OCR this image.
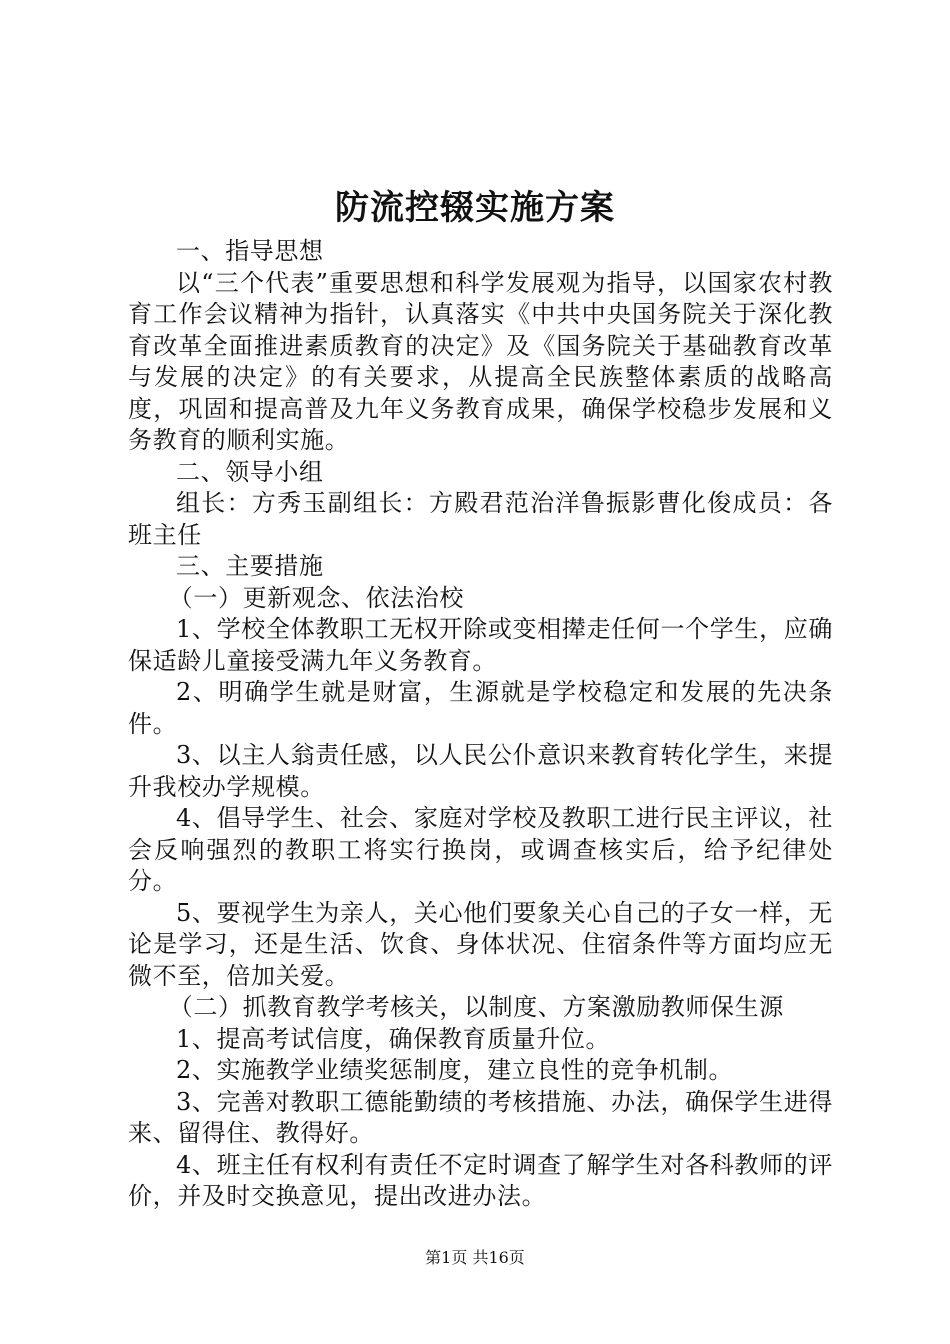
防流控辍实施方案

一、指导思想

以“三个代表”重要思想和科学发展观为指导，以国家农村教育工作会议精神为指针，认真落实《中共中央国务院关于深化教育改革全面推进素质教育的决定》及《国务院关于基础教育改革与发展的决定》的有关要求，从提高全民族整体素质的战略高度，巩固和提高普及九年义务教育成果，确保学校稳步发展和义务教育的顺利实施。

二、领导小组

组长：方秀玉副组长：方殿君范治洋鲁振影曹化俊成员：各班主任

三、主要措施

（一）更新观念、依法治校

1、学校全体教职工无权开除或变相撵走任何一个学生，应确保适龄儿童接受满九年义务教育。

2、明确学生就是财富，生源就是学校稳定和发展的先决条件。

3、以主人翁责任感，以人民公仆意识来教育转化学生，来提升我校办学规模。

4、倡导学生、社会、家庭对学校及教职工进行民主评议，社会反响强烈的教职工将实行换岗，或调查核实后，给予纪律处分。

5、要视学生为亲人，关心他们要象关心自己的子女一样，无论是学习，还是生活、饮食、身体状况、住宿条件等方面均应无微不至，倍加关爱。

（二）抓教育教学考核关，以制度、方案激励教师保生源

1、提高考试信度，确保教育质量升位。

2、实施教学业绩奖惩制度，建立良性的竞争机制。

3、完善对教职工德能勤绩的考核措施、办法，确保学生进得来、留得住、教得好。

4、班主任有权利有责任不定时调查了解学生对各科教师的评价，并及时交换意见，提出改进办法。

第1页 共16页
